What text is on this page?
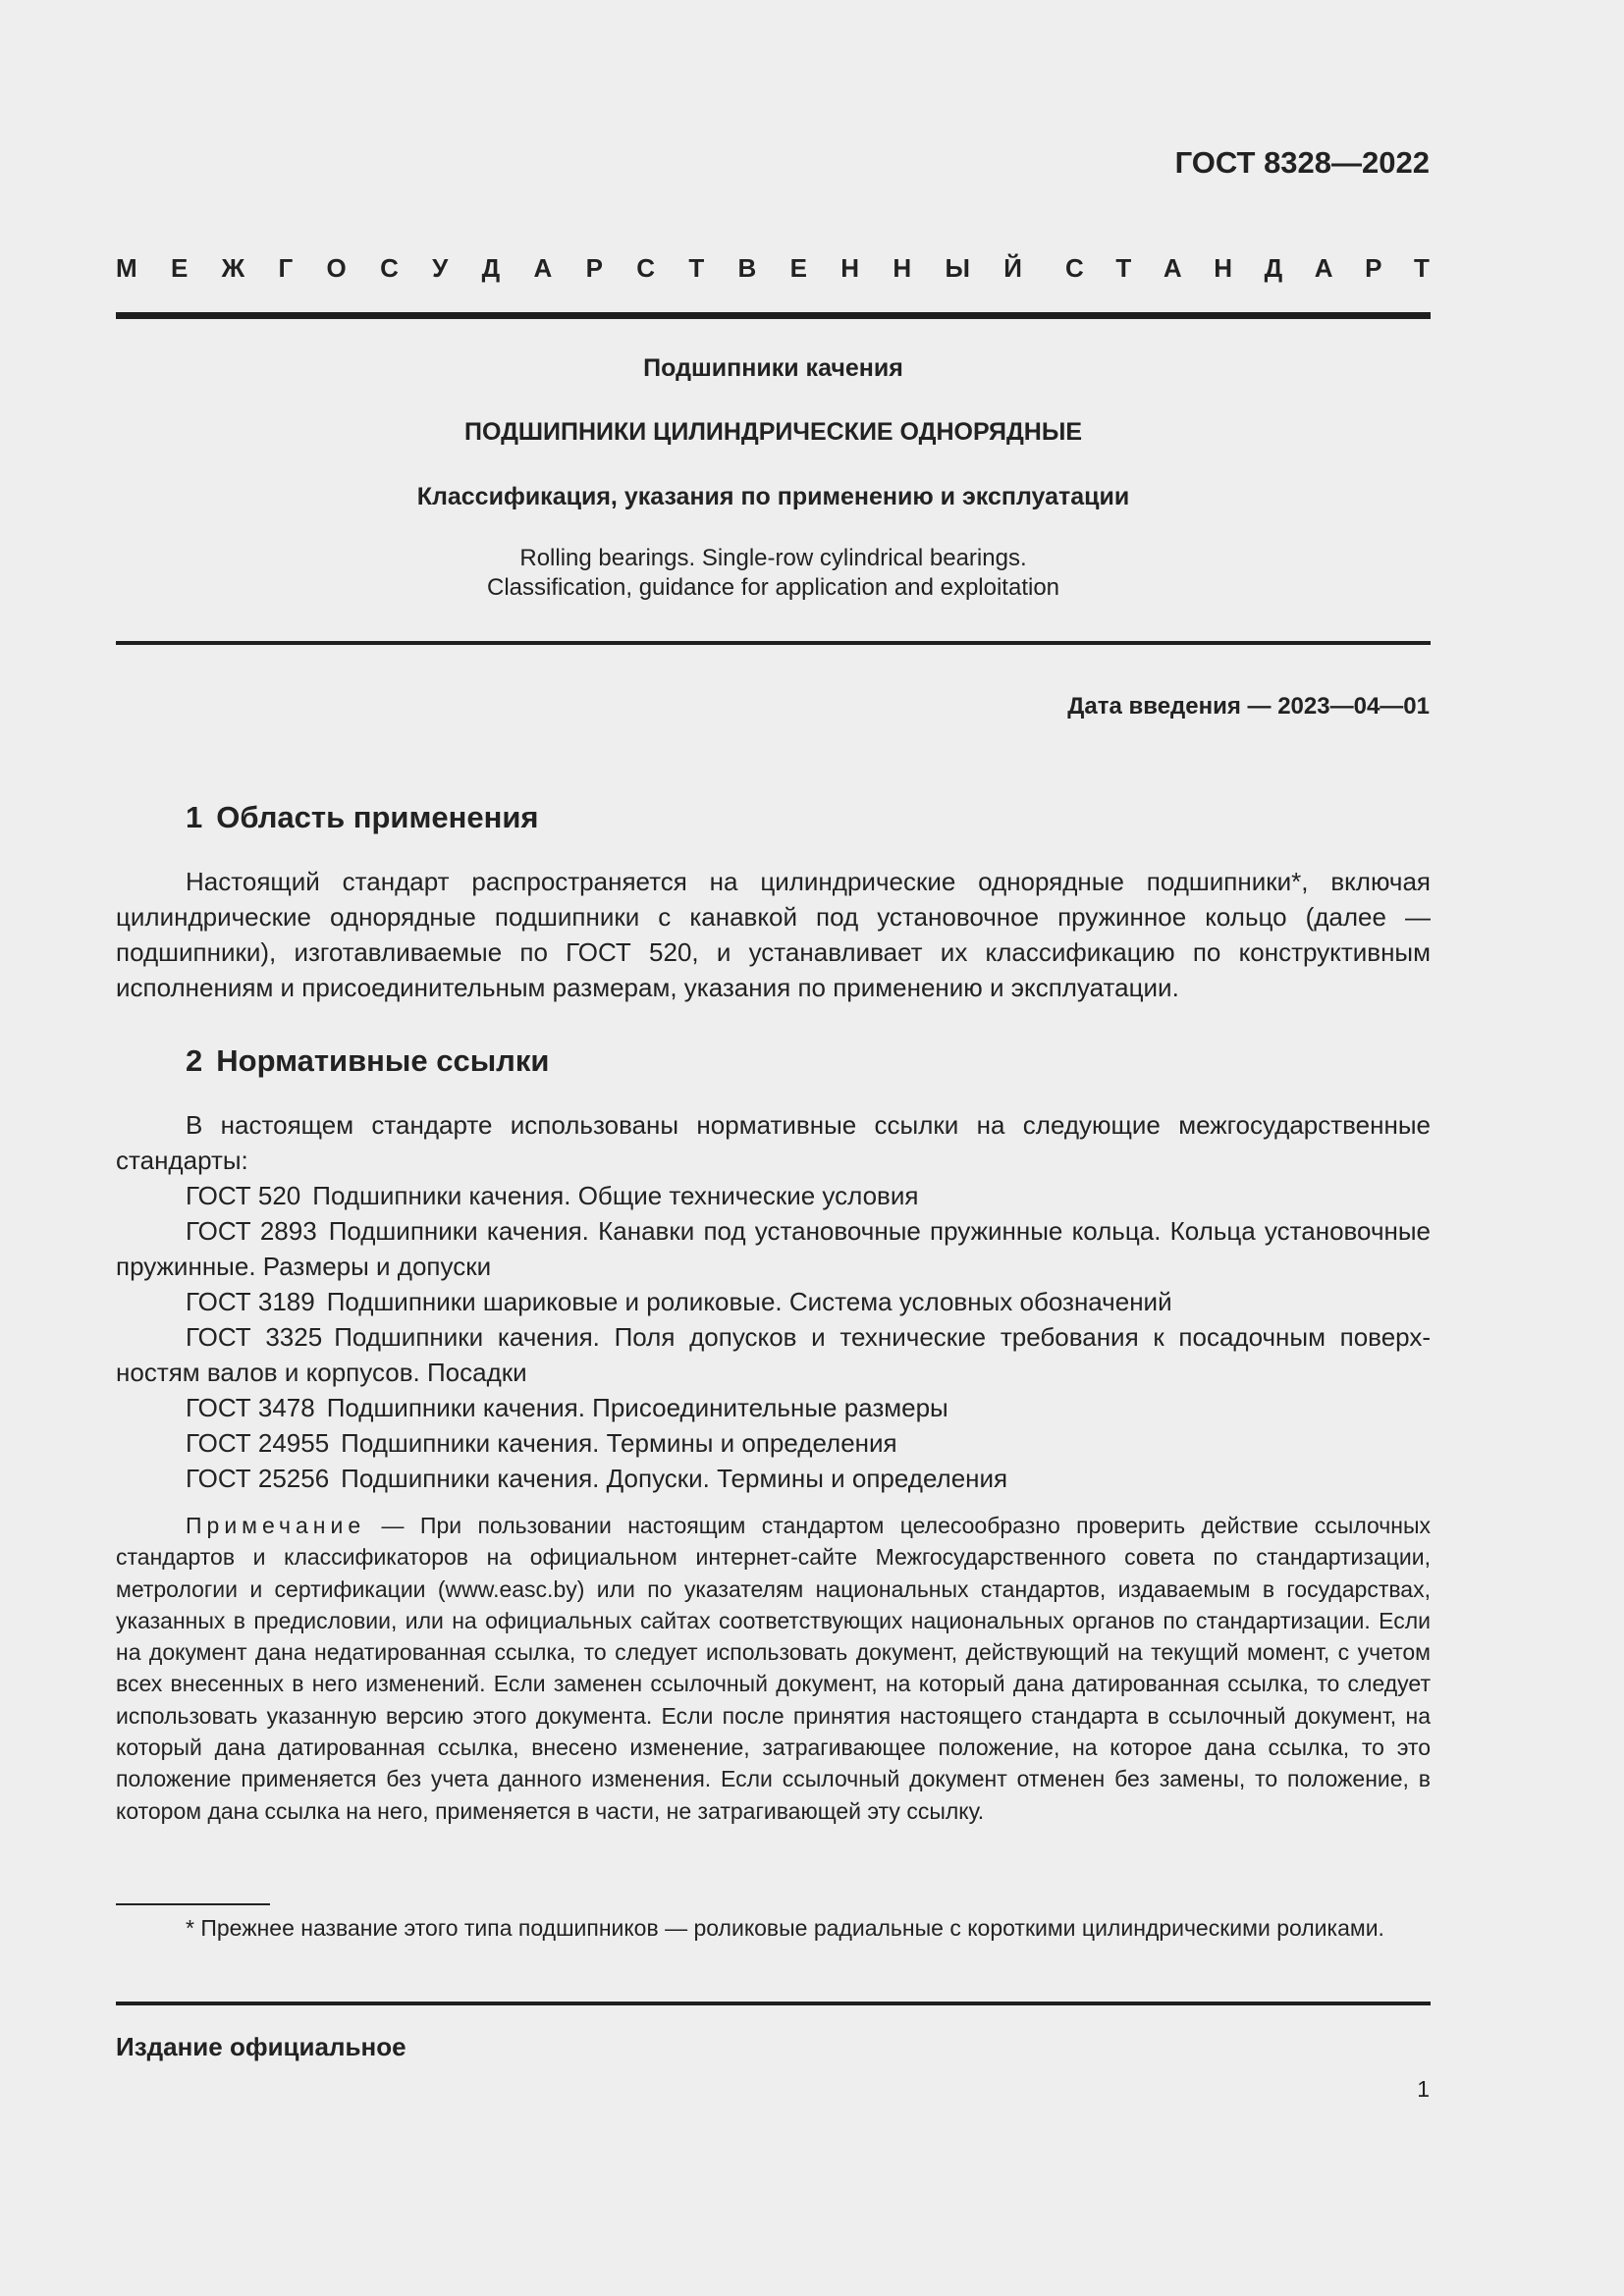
ГОСТ 8328—2022
М Е Ж Г О С У Д А Р С Т В Е Н Н Ы Й С Т А Н Д А Р Т
Подшипники качения
ПОДШИПНИКИ ЦИЛИНДРИЧЕСКИЕ ОДНОРЯДНЫЕ
Классификация, указания по применению и эксплуатации
Rolling bearings. Single-row cylindrical bearings.
Classification, guidance for application and exploitation
Дата введения — 2023—04—01
1 Область применения
Настоящий стандарт распространяется на цилиндрические однорядные подшипники*, включая цилиндрические однорядные подшипники с канавкой под установочное пружинное кольцо (далее — подшипники), изготавливаемые по ГОСТ 520, и устанавливает их классификацию по конструктивным исполнениям и присоединительным размерам, указания по применению и эксплуатации.
2 Нормативные ссылки
В настоящем стандарте использованы нормативные ссылки на следующие межгосударственные стандарты:
ГОСТ 520 Подшипники качения. Общие технические условия
ГОСТ 2893 Подшипники качения. Канавки под установочные пружинные кольца. Кольца установочные пружинные. Размеры и допуски
ГОСТ 3189 Подшипники шариковые и роликовые. Система условных обозначений
ГОСТ 3325 Подшипники качения. Поля допусков и технические требования к посадочным поверхностям валов и корпусов. Посадки
ГОСТ 3478 Подшипники качения. Присоединительные размеры
ГОСТ 24955 Подшипники качения. Термины и определения
ГОСТ 25256 Подшипники качения. Допуски. Термины и определения
Примечание — При пользовании настоящим стандартом целесообразно проверить действие ссылочных стандартов и классификаторов на официальном интернет-сайте Межгосударственного совета по стандартизации, метрологии и сертификации (www.easc.by) или по указателям национальных стандартов, издаваемым в государствах, указанных в предисловии, или на официальных сайтах соответствующих национальных органов по стандартизации. Если на документ дана недатированная ссылка, то следует использовать документ, действующий на текущий момент, с учетом всех внесенных в него изменений. Если заменен ссылочный документ, на который дана датированная ссылка, то следует использовать указанную версию этого документа. Если после принятия настоящего стандарта в ссылочный документ, на который дана датированная ссылка, внесено изменение, затрагивающее положение, на которое дана ссылка, то это положение применяется без учета данного изменения. Если ссылочный документ отменен без замены, то положение, в котором дана ссылка на него, применяется в части, не затрагивающей эту ссылку.
* Прежнее название этого типа подшипников — роликовые радиальные с короткими цилиндрическими роликами.
Издание официальное
1
